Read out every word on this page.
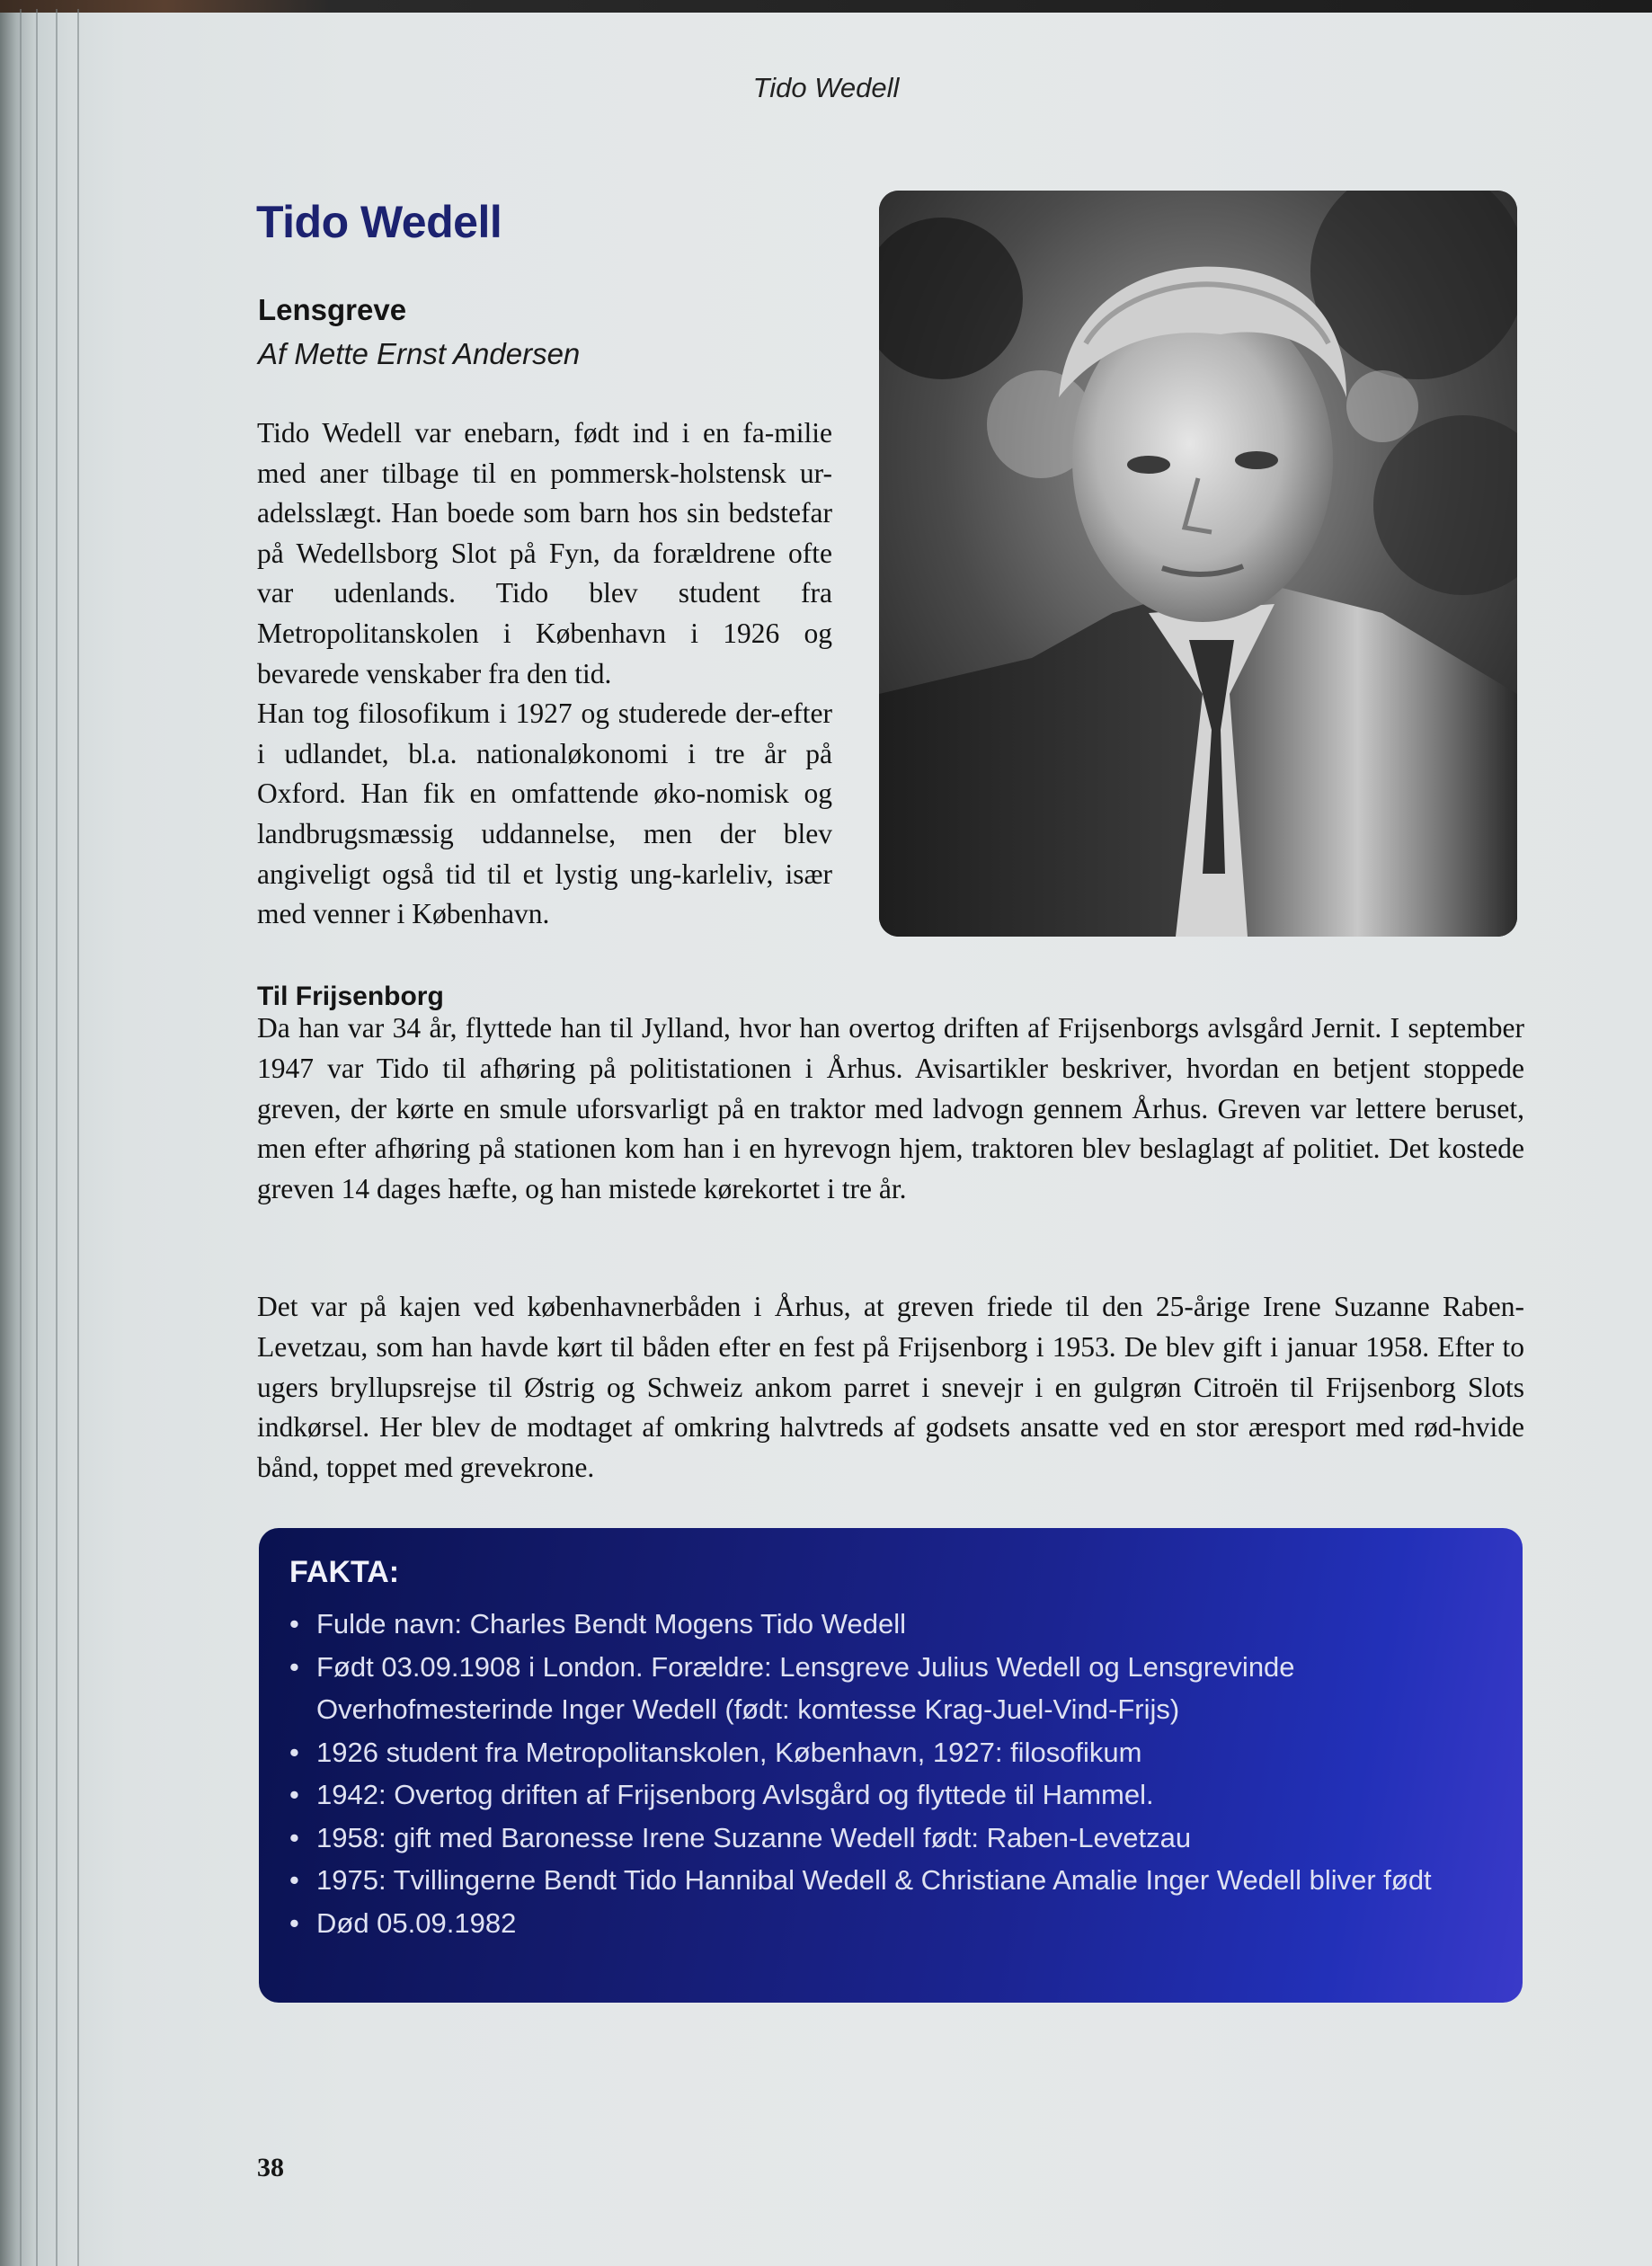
Tido Wedell
Tido Wedell
Lensgreve
Af Mette Ernst Andersen

Tido Wedell var enebarn, født ind i en fa-milie med aner tilbage til en pommersk-holstensk ur-adelsslægt. Han boede som barn hos sin bedstefar på Wedellsborg Slot på Fyn, da forældrene ofte var udenlands. Tido blev student fra Metropolitanskolen i København i 1926 og bevarede venskaber fra den tid.

Han tog filosofikum i 1927 og studerede der-efter i udlandet, bl.a. nationaløkonomi i tre år på Oxford. Han fik en omfattende øko-nomisk og landbrugsmæssig uddannelse, men der blev angiveligt også tid til et lystig ung-karleliv, især med venner i København.

Til Frijsenborg
Da han var 34 år, flyttede han til Jylland, hvor han overtog driften af Frijsenborgs avlsgård Jernit. I september 1947 var Tido til afhøring på politistationen i Århus. Avisartikler beskriver, hvordan en betjent stoppede greven, der kørte en smule uforsvarligt på en traktor med ladvogn gennem Århus. Greven var lettere beruset, men efter afhøring på stationen kom han i en hyrevogn hjem, traktoren blev beslaglagt af politiet. Det kostede greven 14 dages hæfte, og han mistede kørekortet i tre år.
Det var på kajen ved københavnerbåden i Århus, at greven friede til den 25-årige Irene Suzanne Raben-Levetzau, som han havde kørt til båden efter en fest på Frijsenborg i 1953. De blev gift i januar 1958. Efter to ugers bryllupsrejse til Østrig og Schweiz ankom parret i snevejr i en gulgrøn Citroën til Frijsenborg Slots indkørsel. Her blev de modtaget af omkring halvtreds af godsets ansatte ved en stor æresport med rød-hvide bånd, toppet med grevekrone.
FAKTA:
• Fulde navn: Charles Bendt Mogens Tido Wedell
• Født 03.09.1908 i London. Forældre: Lensgreve Julius Wedell og Lensgrevinde Overhofmesterinde Inger Wedell (født: komtesse Krag-Juel-Vind-Frijs)
• 1926 student fra Metropolitanskolen, København, 1927: filosofikum
• 1942: Overtog driften af Frijsenborg Avlsgård og flyttede til Hammel.
• 1958: gift med Baronesse Irene Suzanne Wedell født: Raben-Levetzau
• 1975: Tvillingerne Bendt Tido Hannibal Wedell & Christiane Amalie Inger Wedell bliver født
• Død 05.09.1982
38
